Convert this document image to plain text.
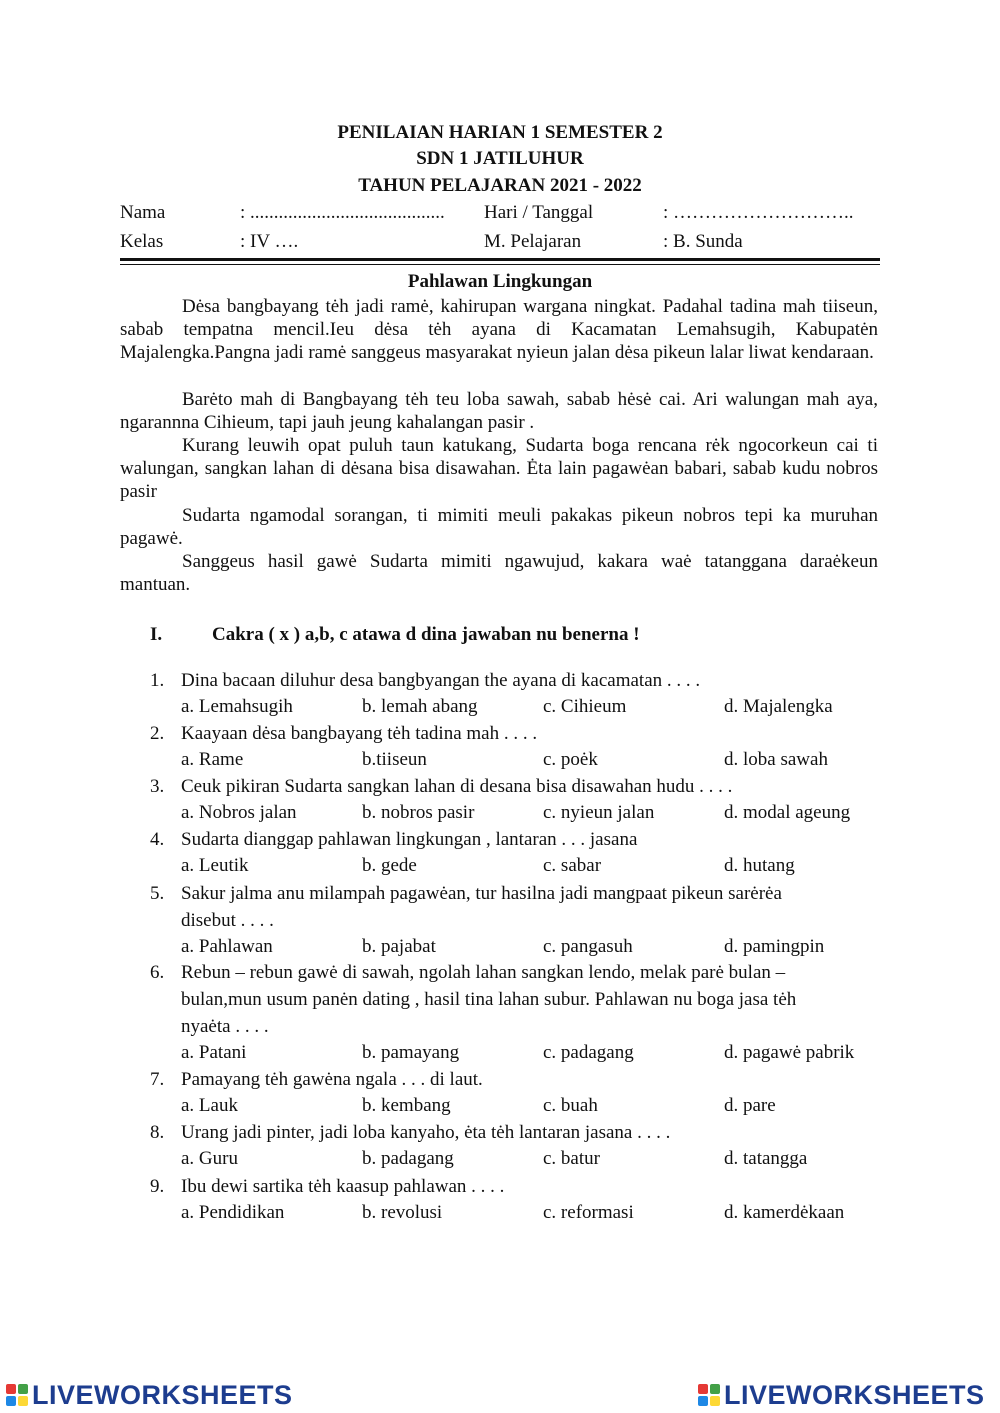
PENILAIAN HARIAN 1 SEMESTER 2
SDN 1 JATILUHUR
TAHUN PELAJARAN 2021 - 2022
Nama	: ......................................... Hari / Tanggal	: ………………………..
Kelas	: IV ….	M. Pelajaran	: B. Sunda
Pahlawan Lingkungan

Dėsa bangbayang tėh jadi ramė, kahirupan wargana ningkat. Padahal tadina mah tiiseun, sabab tempatna mencil.Ieu dėsa tėh ayana di Kacamatan Lemahsugih, Kabupatėn Majalengka.Pangna jadi ramė sanggeus masyarakat nyieun jalan dėsa pikeun lalar liwat kendaraan.

Barėto mah di Bangbayang tėh teu loba sawah, sabab hėsė cai. Ari walungan mah aya, ngarannna Cihieum, tapi jauh jeung kahalangan pasir .

Kurang leuwih opat puluh taun katukang, Sudarta boga rencana rėk ngocorkeun cai ti walungan, sangkan lahan di dėsana bisa disawahan. Ėta lain pagawėan babari, sabab kudu nobros pasir

Sudarta ngamodal sorangan, ti mimiti meuli pakakas pikeun nobros tepi ka muruhan pagawė.

Sanggeus hasil gawė Sudarta mimiti ngawujud, kakara waė tatanggana daraėkeun mantuan.

I.	Cakra ( x ) a,b, c atawa d dina jawaban nu benerna !
1. Dina bacaan diluhur desa bangbyangan the ayana di kacamatan . . . .
a. Lemahsugih	b. lemah abang	c. Cihieum	d. Majalengka
2. Kaayaan dėsa bangbayang tėh tadina mah . . . .
a. Rame	b.tiiseun	c. poėk	d. loba sawah
3. Ceuk pikiran Sudarta sangkan lahan di desana bisa disawahan hudu . . . .
a. Nobros jalan	b. nobros pasir	c. nyieun jalan	d. modal ageung
4. Sudarta dianggap pahlawan lingkungan , lantaran . . . jasana
a. Leutik	b. gede	c. sabar	d. hutang
5. Sakur jalma anu milampah pagawėan, tur hasilna jadi mangpaat pikeun sarėrėa
disebut . . . .
a. Pahlawan	b. pajabat	c. pangasuh	d. pamingpin
6. Rebun – rebun gawė di sawah, ngolah lahan sangkan lendo, melak parė bulan –
bulan,mun usum panėn dating , hasil tina lahan subur. Pahlawan nu boga jasa tėh
nyaėta . . . .
a. Patani	b. pamayang	c. padagang	d. pagawė pabrik
7. Pamayang tėh gawėna ngala . . . di laut.
a. Lauk	b. kembang	c. buah	d. pare
8. Urang jadi pinter, jadi loba kanyaho, ėta tėh lantaran jasana . . . .
a. Guru	b. padagang	c. batur	d. tatangga
9. Ibu dewi sartika tėh kaasup pahlawan . . . .
a. Pendidikan	b. revolusi	c. reformasi	d. kamerdėkaan
LIVEWORKSHEETS	LIVEWORKSHEETS
